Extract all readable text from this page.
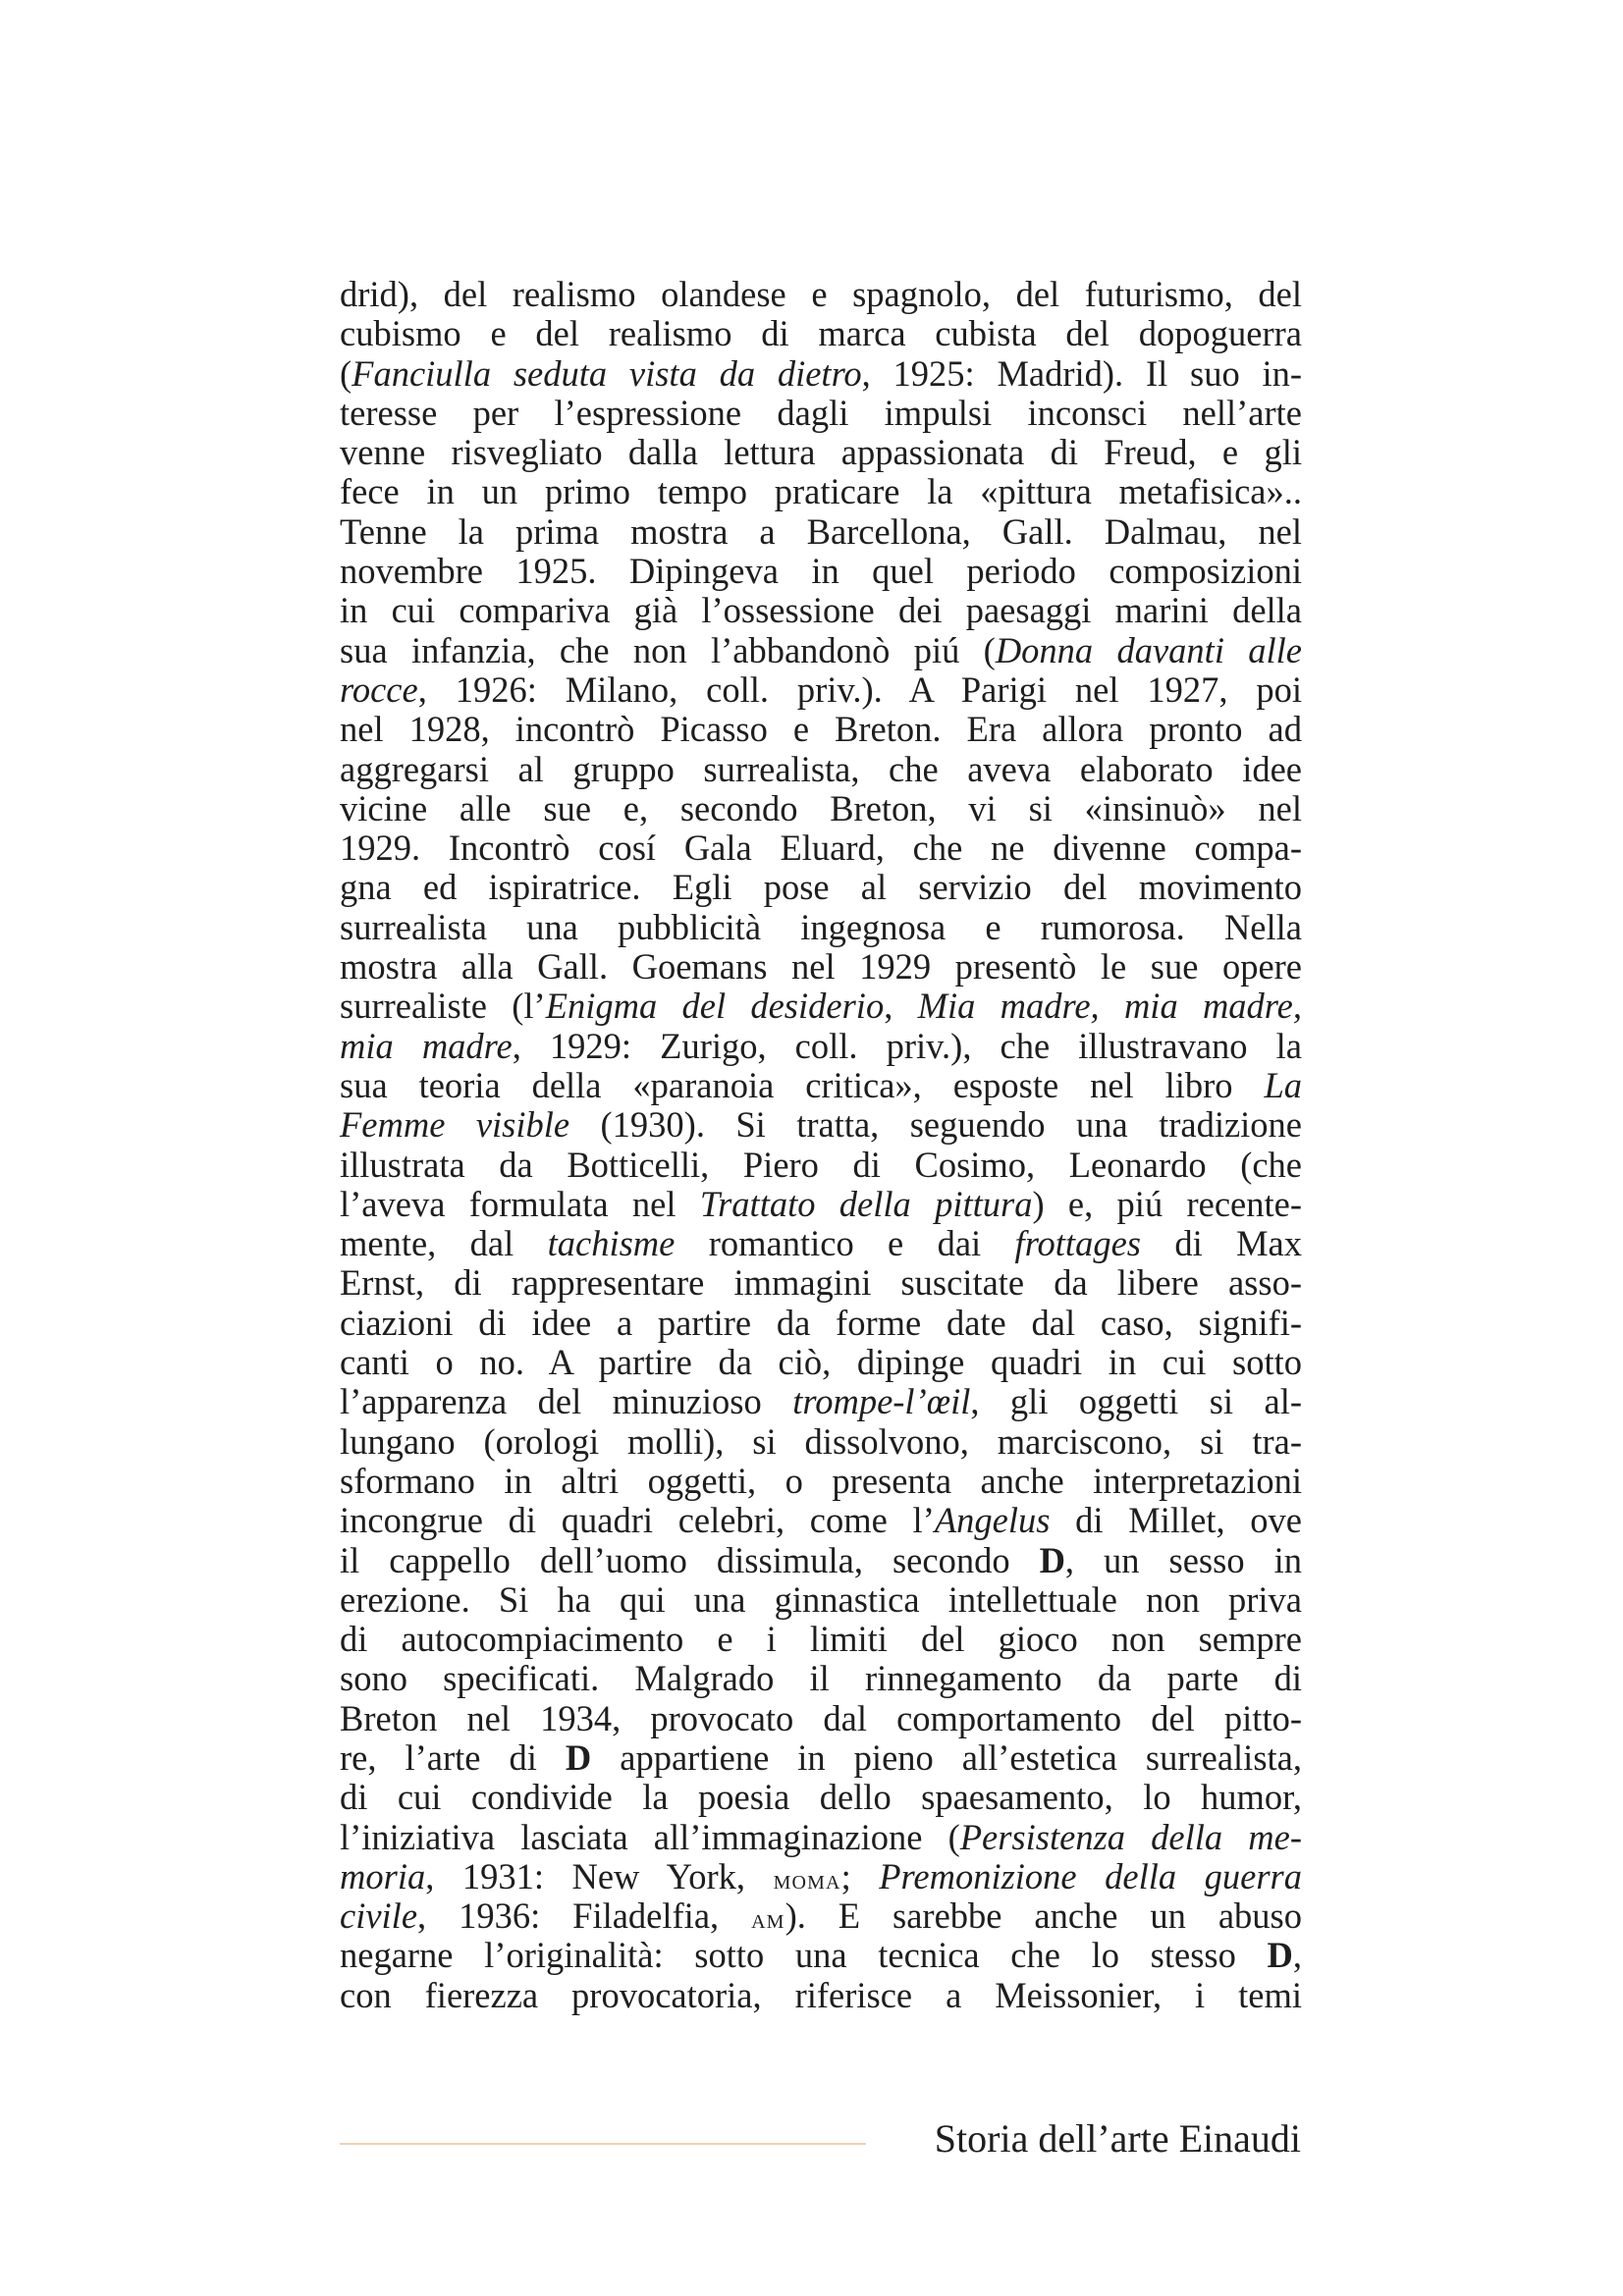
drid), del realismo olandese e spagnolo, del futurismo, del
cubismo e del realismo di marca cubista del dopoguerra
(Fanciulla seduta vista da dietro, 1925: Madrid). Il suo in-
teresse per l’espressione dagli impulsi inconsci nell’arte
venne risvegliato dalla lettura appassionata di Freud, e gli
fece in un primo tempo praticare la «pittura metafisica»..
Tenne la prima mostra a Barcellona, Gall. Dalmau, nel
novembre 1925. Dipingeva in quel periodo composizioni
in cui compariva già l’ossessione dei paesaggi marini della
sua infanzia, che non l’abbandonò piú (Donna davanti alle
rocce, 1926: Milano, coll. priv.). A Parigi nel 1927, poi
nel 1928, incontrò Picasso e Breton. Era allora pronto ad
aggregarsi al gruppo surrealista, che aveva elaborato idee
vicine alle sue e, secondo Breton, vi si «insinuò» nel
1929. Incontrò cosí Gala Eluard, che ne divenne compa-
gna ed ispiratrice. Egli pose al servizio del movimento
surrealista una pubblicità ingegnosa e rumorosa. Nella
mostra alla Gall. Goemans nel 1929 presentò le sue opere
surrealiste (l’Enigma del desiderio, Mia madre, mia madre,
mia madre, 1929: Zurigo, coll. priv.), che illustravano la
sua teoria della «paranoia critica», esposte nel libro La
Femme visible (1930). Si tratta, seguendo una tradizione
illustrata da Botticelli, Piero di Cosimo, Leonardo (che
l’aveva formulata nel Trattato della pittura) e, piú recente-
mente, dal tachisme romantico e dai frottages di Max
Ernst, di rappresentare immagini suscitate da libere asso-
ciazioni di idee a partire da forme date dal caso, signifi-
canti o no. A partire da ciò, dipinge quadri in cui sotto
l’apparenza del minuzioso trompe-l’œil, gli oggetti si al-
lungano (orologi molli), si dissolvono, marciscono, si tra-
sformano in altri oggetti, o presenta anche interpretazioni
incongrue di quadri celebri, come l’Angelus di Millet, ove
il cappello dell’uomo dissimula, secondo D, un sesso in
erezione. Si ha qui una ginnastica intellettuale non priva
di autocompiacimento e i limiti del gioco non sempre
sono specificati. Malgrado il rinnegamento da parte di
Breton nel 1934, provocato dal comportamento del pitto-
re, l’arte di D appartiene in pieno all’estetica surrealista,
di cui condivide la poesia dello spaesamento, lo humor,
l’iniziativa lasciata all’immaginazione (Persistenza della me-
moria, 1931: New York, moma; Premonizione della guerra
civile, 1936: Filadelfia, am). E sarebbe anche un abuso
negarne l’originalità: sotto una tecnica che lo stesso D,
con fierezza provocatoria, riferisce a Meissonier, i temi
Storia dell’arte Einaudi
